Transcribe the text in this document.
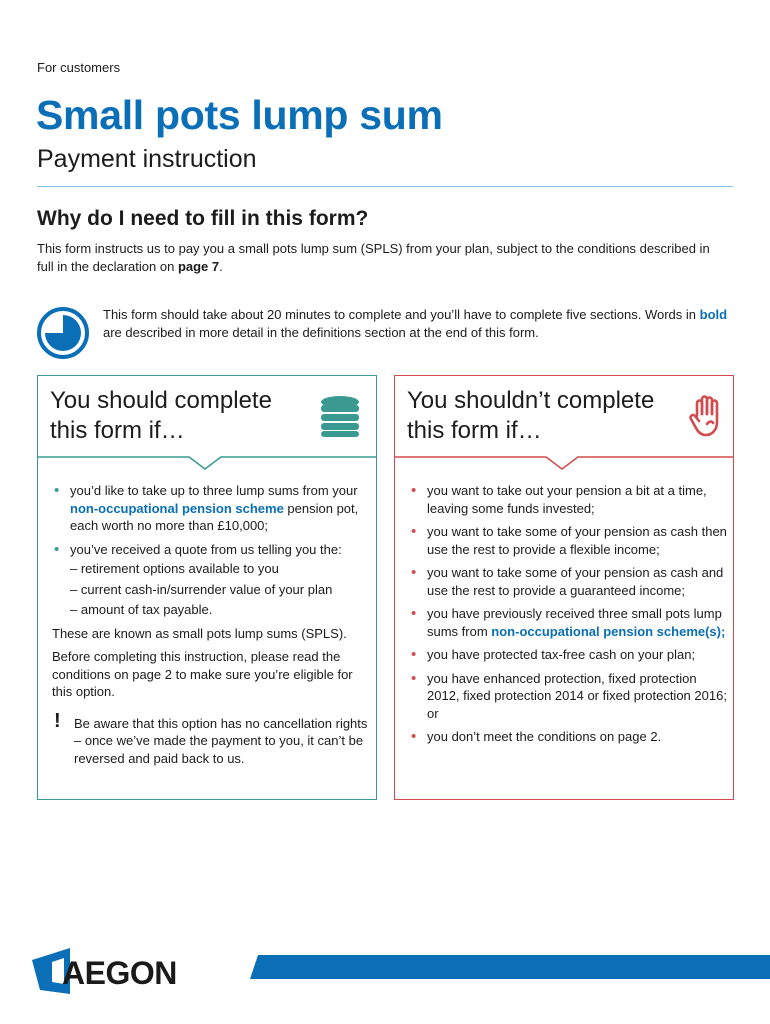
For customers
Small pots lump sum
Payment instruction
Why do I need to fill in this form?

This form instructs us to pay you a small pots lump sum (SPLS) from your plan, subject to the conditions described in full in the declaration on page 7.

This form should take about 20 minutes to complete and you’ll have to complete five sections. Words in bold are described in more detail in the definitions section at the end of this form.

You should complete this form if…
• you’d like to take up to three lump sums from your non-occupational pension scheme pension pot, each worth no more than £10,000;
• you’ve received a quote from us telling you the:
– retirement options available to you
– current cash-in/surrender value of your plan
– amount of tax payable.

These are known as small pots lump sums (SPLS).

Before completing this instruction, please read the conditions on page 2 to make sure you’re eligible for this option.

! Be aware that this option has no cancellation rights – once we’ve made the payment to you, it can’t be reversed and paid back to us.
You shouldn’t complete this form if…
• you want to take out your pension a bit at a time, leaving some funds invested;
• you want to take some of your pension as cash then use the rest to provide a flexible income;
• you want to take some of your pension as cash and use the rest to provide a guaranteed income;
• you have previously received three small pots lump sums from non-occupational pension scheme(s);
• you have protected tax-free cash on your plan;
• you have enhanced protection, fixed protection 2012, fixed protection 2014 or fixed protection 2016; or
• you don’t meet the conditions on page 2.
AEGON
